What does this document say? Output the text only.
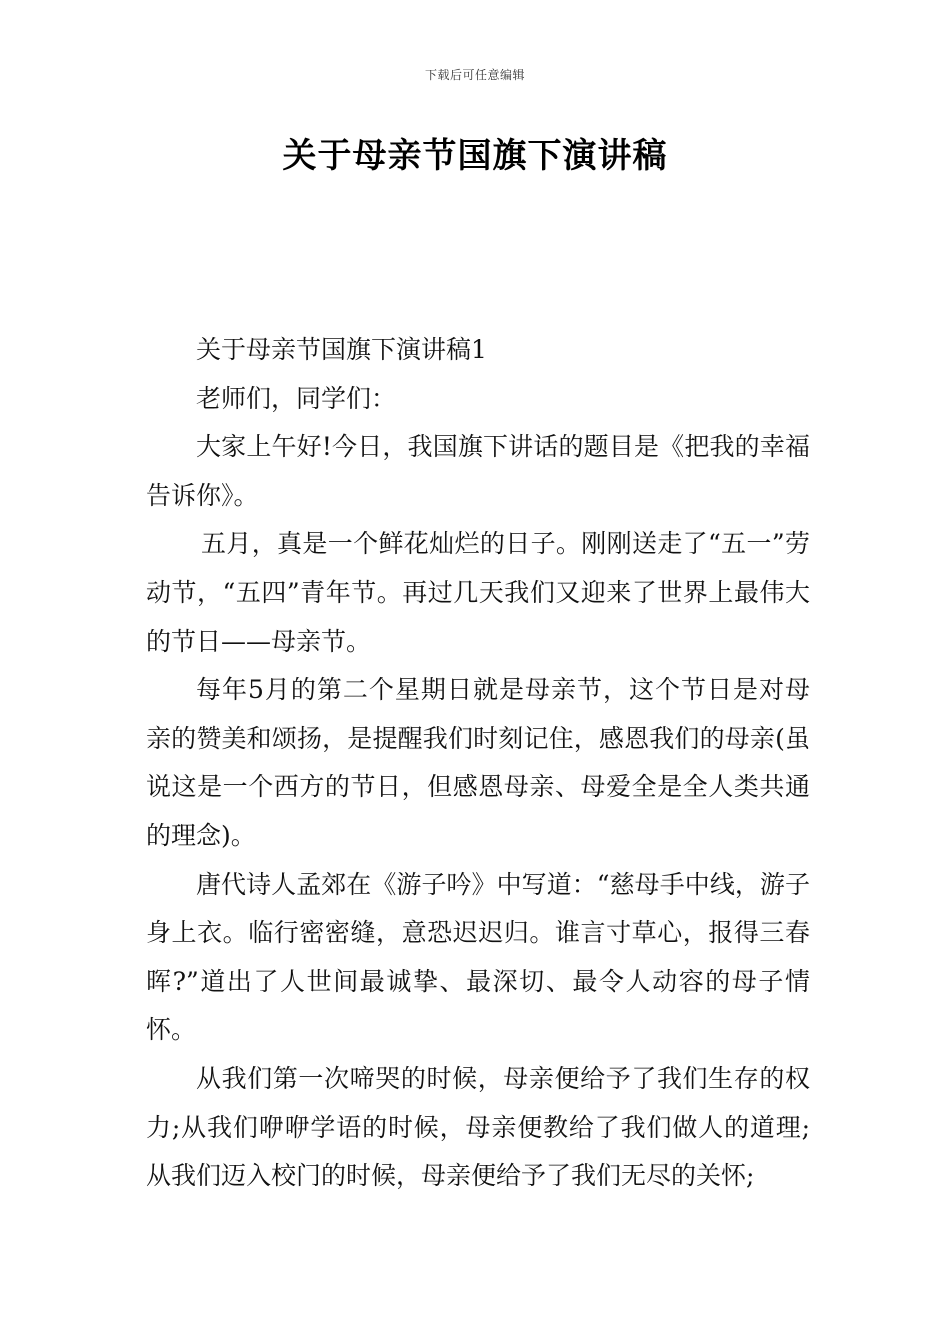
下载后可任意编辑
关于母亲节国旗下演讲稿

关于母亲节国旗下演讲稿1

老师们，同学们：

大家上午好!今日，我国旗下讲话的题目是《把我的幸福告诉你》。

五月，真是一个鲜花灿烂的日子。刚刚送走了“五一”劳动节，“五四”青年节。再过几天我们又迎来了世界上最伟大的节日——母亲节。

每年5月的第二个星期日就是母亲节，这个节日是对母亲的赞美和颂扬，是提醒我们时刻记住，感恩我们的母亲(虽说这是一个西方的节日，但感恩母亲、母爱全是全人类共通的理念)。

唐代诗人孟郊在《游子吟》中写道：“慈母手中线，游子身上衣。临行密密缝，意恐迟迟归。谁言寸草心，报得三春晖?”道出了人世间最诚挚、最深切、最令人动容的母子情怀。

从我们第一次啼哭的时候，母亲便给予了我们生存的权力;从我们咿咿学语的时候，母亲便教给了我们做人的道理;从我们迈入校门的时候，母亲便给予了我们无尽的关怀;
